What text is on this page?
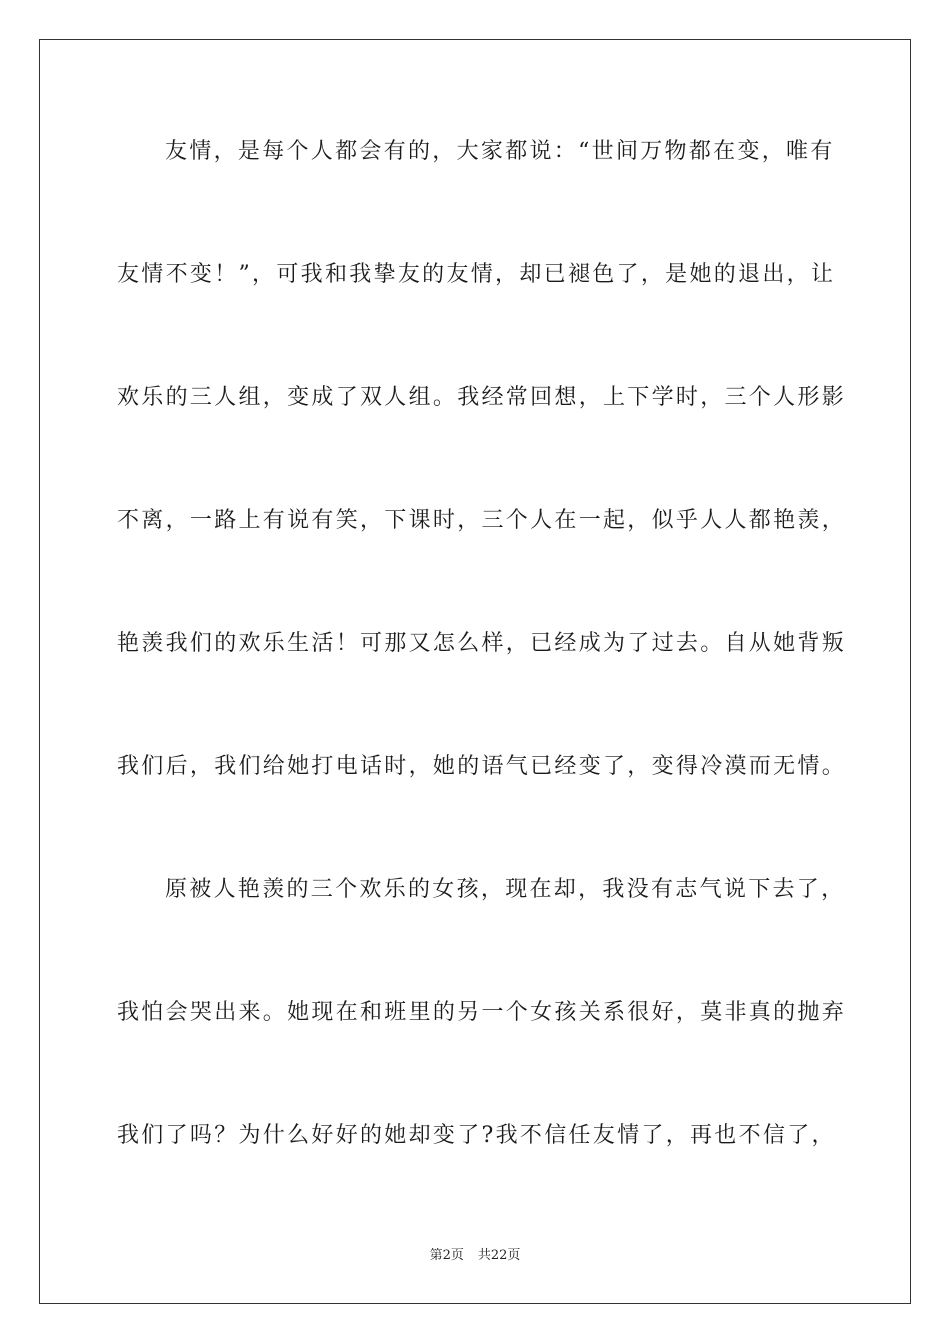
友情，是每个人都会有的，大家都说：“世间万物都在变，唯有
友情不变！”，可我和我挚友的友情，却已褪色了，是她的退出，让
欢乐的三人组，变成了双人组。我经常回想，上下学时，三个人形影
不离，一路上有说有笑，下课时，三个人在一起，似乎人人都艳羡，
艳羡我们的欢乐生活！可那又怎么样，已经成为了过去。自从她背叛
我们后，我们给她打电话时，她的语气已经变了，变得冷漠而无情。
原被人艳羡的三个欢乐的女孩，现在却，我没有志气说下去了，
我怕会哭出来。她现在和班里的另一个女孩关系很好，莫非真的抛弃
我们了吗？为什么好好的她却变了?我不信任友情了，再也不信了，
第2页 共22页
